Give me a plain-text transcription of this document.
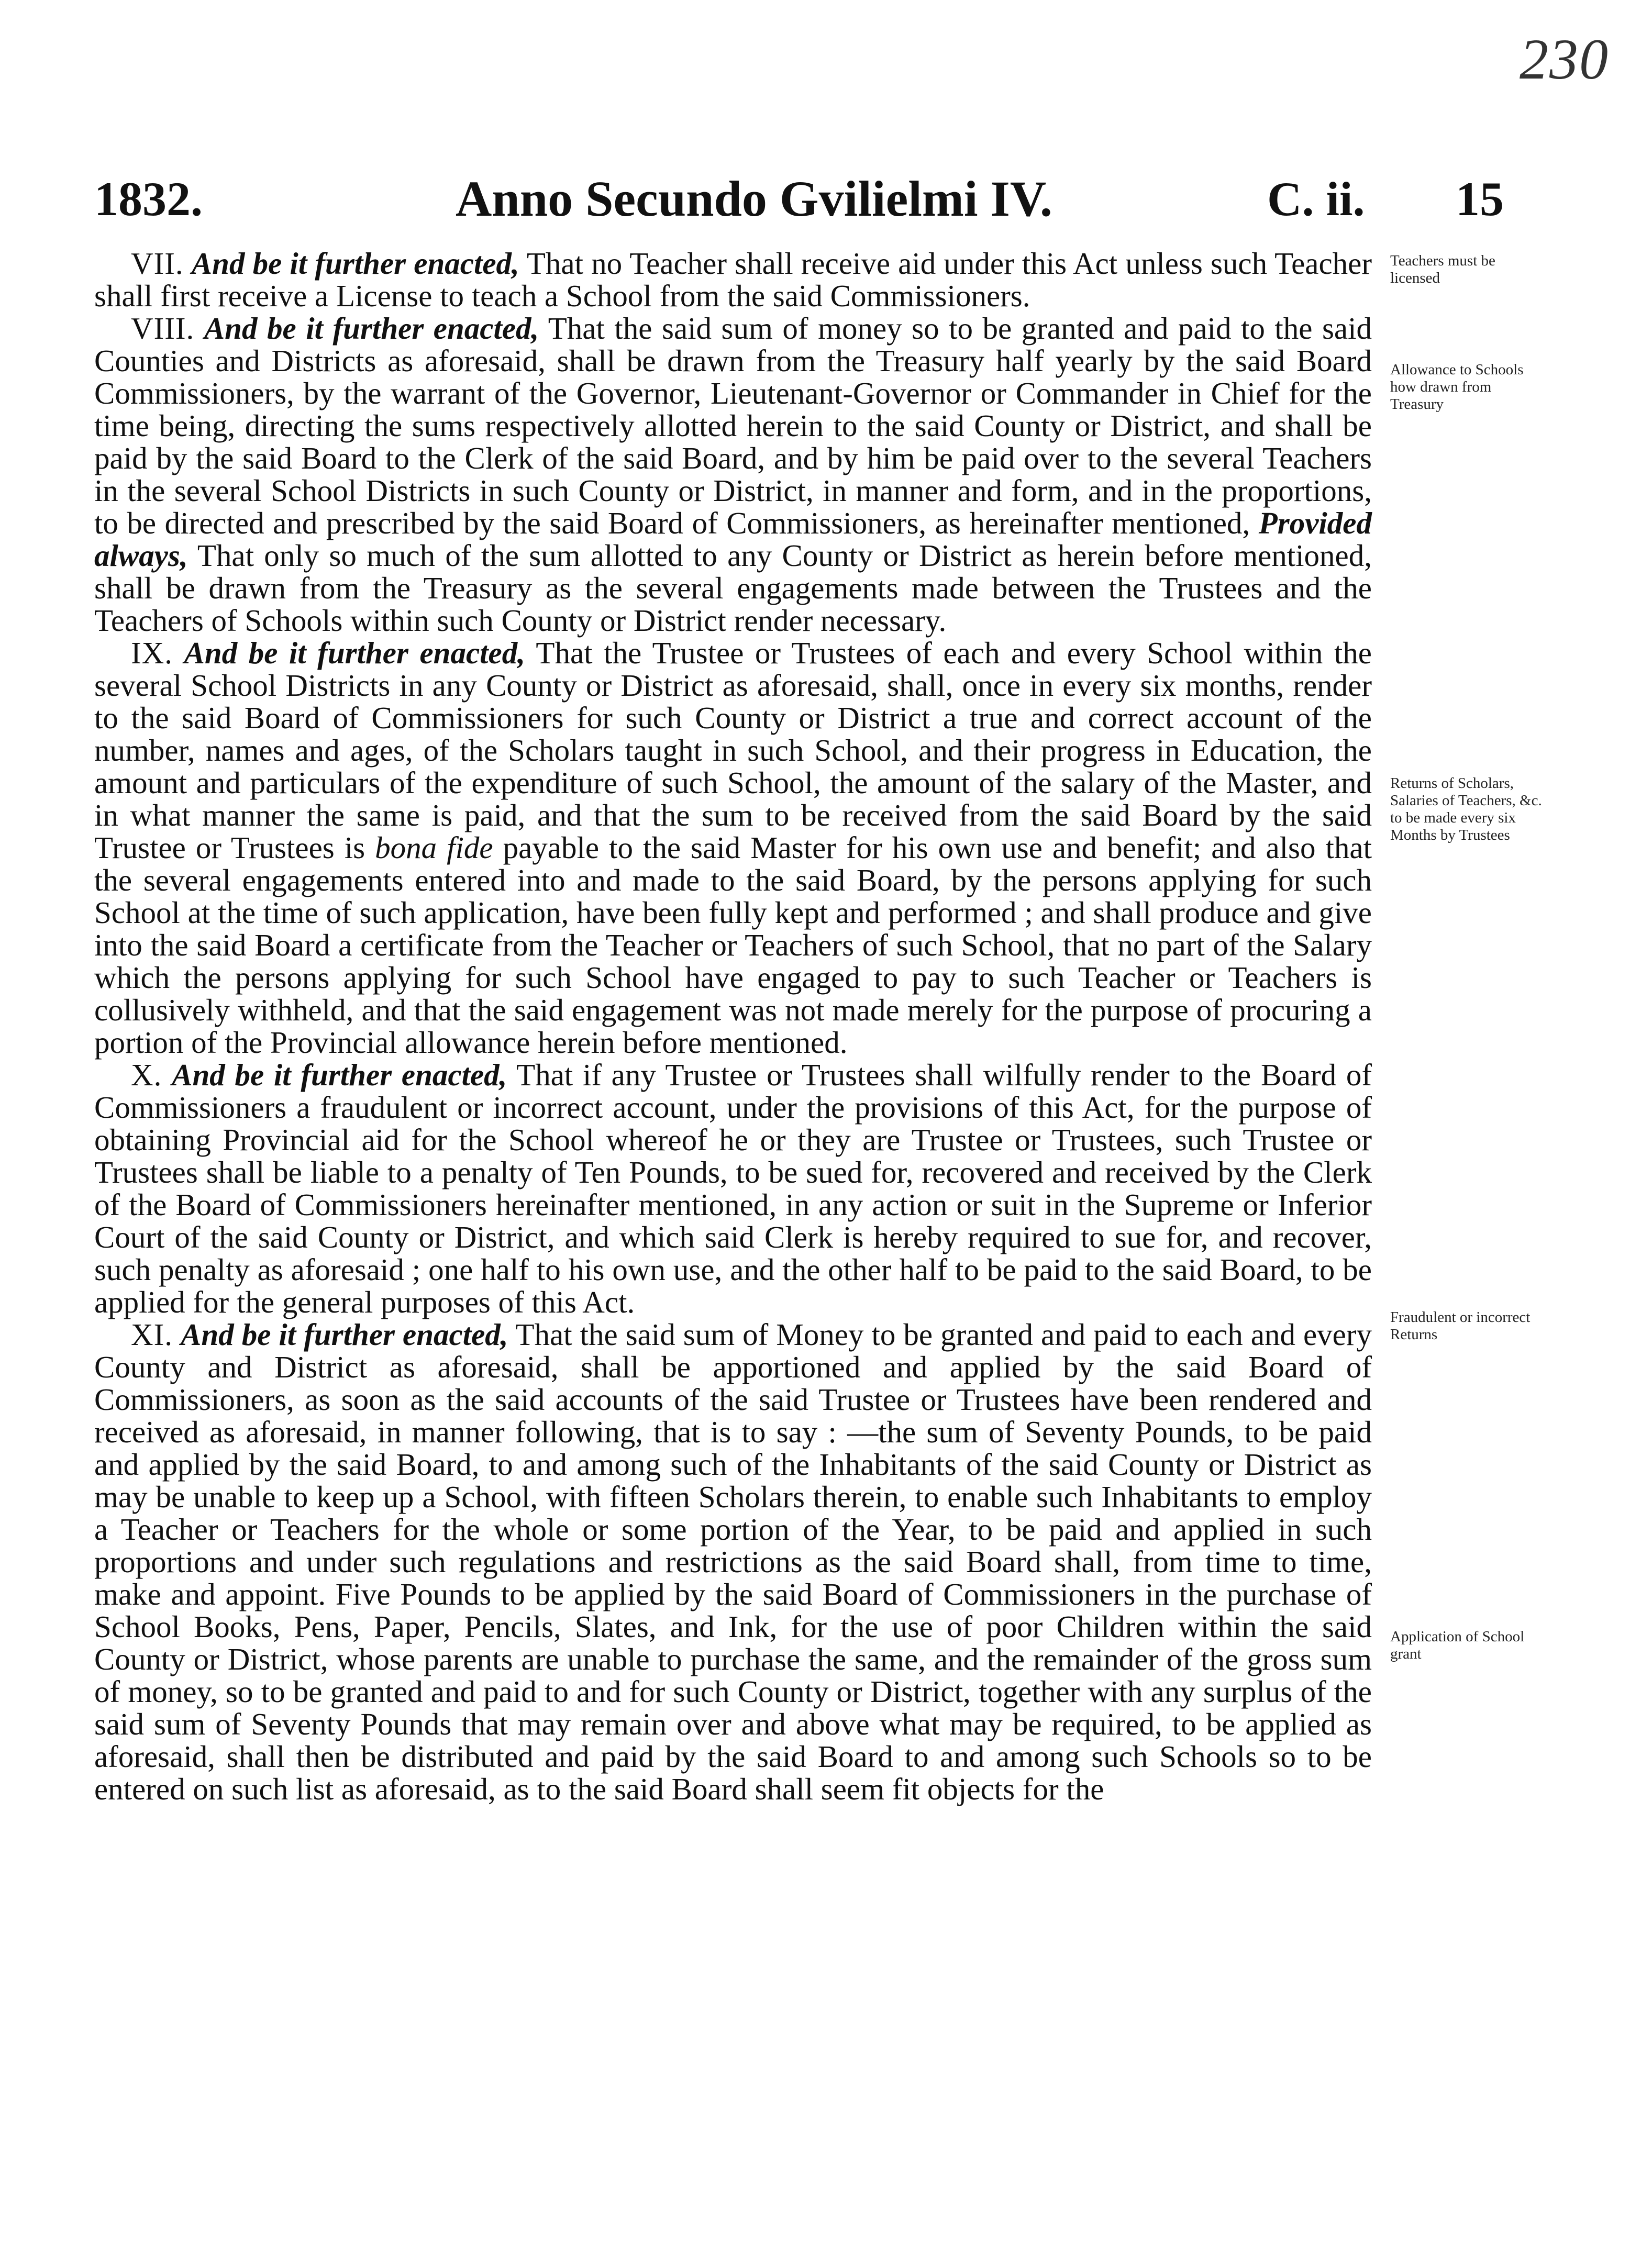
230
1832.	Anno Secundo Gvilielmi IV.	C. ii. 15

VII. And be it further enacted, That no Teacher shall receive aid under this Act unless such Teacher shall first receive a License to teach a School from the said Commissioners.

VIII. And be it further enacted, That the said sum of money so to be granted and paid to the said Counties and Districts as aforesaid, shall be drawn from the Treasury half yearly by the said Board Commissioners, by the warrant of the Governor, Lieutenant-Governor or Commander in Chief for the time being, directing the sums respectively allotted herein to the said County or District, and shall be paid by the said Board to the Clerk of the said Board, and by him be paid over to the several Teachers in the several School Districts in such County or District, in manner and form, and in the proportions, to be directed and prescribed by the said Board of Commissioners, as hereinafter mentioned, Provided always, That only so much of the sum allotted to any County or District as herein before mentioned, shall be drawn from the Treasury as the several engagements made between the Trustees and the Teachers of Schools within such County or District render necessary.

IX. And be it further enacted, That the Trustee or Trustees of each and every School within the several School Districts in any County or District as aforesaid, shall, once in every six months, render to the said Board of Commissioners for such County or District a true and correct account of the number, names and ages, of the Scholars taught in such School, and their progress in Education, the amount and particulars of the expenditure of such School, the amount of the salary of the Master, and in what manner the same is paid, and that the sum to be received from the said Board by the said Trustee or Trustees is bona fide payable to the said Master for his own use and benefit; and also that the several engagements entered into and made to the said Board, by the persons applying for such School at the time of such application, have been fully kept and performed ; and shall produce and give into the said Board a certificate from the Teacher or Teachers of such School, that no part of the Salary which the persons applying for such School have engaged to pay to such Teacher or Teachers is collusively withheld, and that the said engagement was not made merely for the purpose of procuring a portion of the Provincial allowance herein before mentioned.

X. And be it further enacted, That if any Trustee or Trustees shall wilfully render to the Board of Commissioners a fraudulent or incorrect account, under the provisions of this Act, for the purpose of obtaining Provincial aid for the School whereof he or they are Trustee or Trustees, such Trustee or Trustees shall be liable to a penalty of Ten Pounds, to be sued for, recovered and received by the Clerk of the Board of Commissioners hereinafter mentioned, in any action or suit in the Supreme or Inferior Court of the said County or District, and which said Clerk is hereby required to sue for, and recover, such penalty as aforesaid ; one half to his own use, and the other half to be paid to the said Board, to be applied for the general purposes of this Act.

XI. And be it further enacted, That the said sum of Money to be granted and paid to each and every County and District as aforesaid, shall be apportioned and applied by the said Board of Commissioners, as soon as the said accounts of the said Trustee or Trustees have been rendered and received as aforesaid, in manner following, that is to say : —the sum of Seventy Pounds, to be paid and applied by the said Board, to and among such of the Inhabitants of the said County or District as may be unable to keep up a School, with fifteen Scholars therein, to enable such Inhabitants to employ a Teacher or Teachers for the whole or some portion of the Year, to be paid and applied in such proportions and under such regulations and restrictions as the said Board shall, from time to time, make and appoint. Five Pounds to be applied by the said Board of Commissioners in the purchase of School Books, Pens, Paper, Pencils, Slates, and Ink, for the use of poor Children within the said County or District, whose parents are unable to purchase the same, and the remainder of the gross sum of money, so to be granted and paid to and for such County or District, together with any surplus of the said sum of Seventy Pounds that may remain over and above what may be required, to be applied as aforesaid, shall then be distributed and paid by the said Board to and among such Schools so to be entered on such list as aforesaid, as to the said Board shall seem fit objects for the

Teachers must be licensed
Allowance to Schools how drawn from Treasury
Returns of Scholars, Salaries of Teachers, &c. to be made every six Months by Trustees
Fraudulent or incorrect Returns
Application of School grant
